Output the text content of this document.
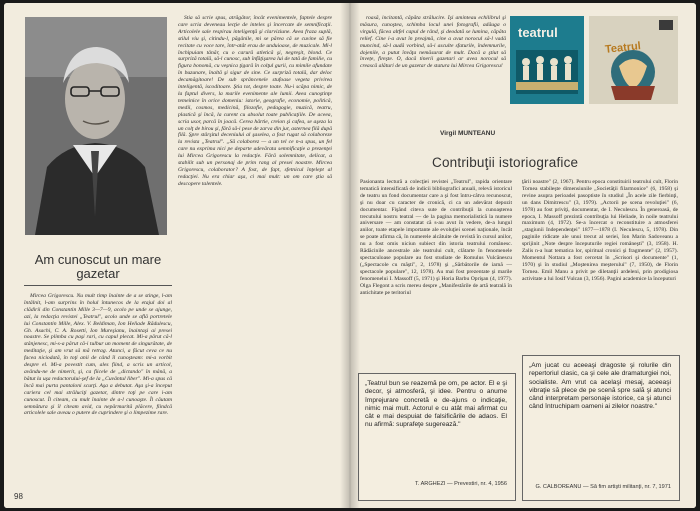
Am cunoscut un mare gazetar

Mircea Grigorescu. Nu mult timp înainte de a se stinge, l-am întâlnit, l-am surprins în holul întunecos de la etajul doi al clădirii din Constantin Mille 3—7—9, acolo pe unde se ajunge, azi, la redacţia revistei „Teatrul", acolo unde se află portretele lui Constantin Mille, Alex. V. Beldiman, Ion Heliade Rădulescu, Gh. Asachi, C. A. Rosetti, Ion Mureşianu, înaintaşi ai presei noastre. Se plimba cu paşi rari, cu capul plecat. Mi-a părut că-l stânjenesc, mi-s-a părut că-i tulbur un moment de singurătate, de meditaţie, şi am vrut să mă retrag. Atunci, a făcut ceva ce nu facea niciodată, în toţi anii de când îl cunoşteam: mi-a vorbit despre el. Mi-a povestit cum, ales fiind, a scris un articol, avându-ne de nimerit, şi, ca fiicele de „dictando" în mână, a bătut la uşa redactorului-şef de la „Cuvântul liber". Mi-a spus că încă mai purta pantaloni scurţi. Aşa a debutat. Aşa şi-a început cariera cel mai străluciţi gazetar, dintre toţi pe care i-am cunoscut. Îl citeam, cu mult înainte de a-l cunoaşte. Îl căutam semnătura şi îl citeam avid, cu nepărmurită plăcere, fiindcă articolele sale aveau o putere de cuprindere şi o limpezime rare.

Stia să scrie spus, atrăgător, încât evenimentele, faptele despre care scria deveneau lecţie de inteles şi încercate de semnificaţii. Articolele sale respirau inteligenţă şi clarviziune. Avea fraza suplă, stilul viu şi, citindu-l, păgânile, mi se părea că se cuvine să fie recitate cu voce tare, într-atât erau de unduioase, de muzicale. Mi-l închipuiam tânăr, cu o carură atletică şi, negreşit, blond. Ce surpriză totală, să-l cunosc, sub înfăţişarea lui de tată de familie, cu figura bonomă, cu veşnica ţigară în colţul gurii, cu mimile afundate în buzunare, înaltă şi sigur de sine. Ce surpriză totală, dar deloc decamăgitoare! De sub sprâncenele stufoase vegeta privirea inteligentă, iscoditoare. Ştia tot, despre toate. Nu-i scăpa nimic, de la faptul divers, la marile evenimente ale lumii. Avea cunoştinţe temeinice în orice domeniu: istorie, geografie, economie, politică, medii, cosmos, medicină, filozofie, pedagogie, muzică, teatru, plastică şi încă, la curent cu absolut toate publicaţiile. De aceea, scria usor, parcă în joacă. Cerea hârtie, creion şi cafea, se aşeza la un colţ de birou şi, fără să-i pese de zarva din jur, asternea filă după filă. Şpre stârşitul deceniului al şaselea, a fost rugat să colaboreze la revista „Teatrul". „Să colaborez — a un tel ce n-a spus, un fel care nu exprima nici pe departe adevărata semnificaţie a prezenţei lui Mircea Grigorescu la redacţie. Fără solemnitate, delicat, a stabilit sub un personaj de prim rang al presei noastre. Mircea Grigorescu, colaborator? A fost, de fapt, sfetnicul înţelept al redacţiei. Nu era chiar aşa, ci mai mult: un om care ştia să descopere talentele.

98

roasă, incitantă, căpăta strălucire. Îşi aminteau echilibrul şi măsura, cunoştea, schimba locul unei fotografii, adăuga o virgulă, făcea altfel capul de rând, şi deodată se lumina, căpăta relief. Cine i-a avut în preajmă, cine a avut norocul să-l vadă muncind, să-l audă vorbind, să-i asculte sfaturile, îndemnurile, dojenile, a putut învăţa nemăsurat de mult. Dacă a ştiut să învețe, fireşte. O, dacă tinerii gazetari ar avea norocul să crească alături de un gazetar de statura lui Mircea Grigorescu!

Virgil MUNTEANU
teatrul
Teatrul
Contribuţii istoriografice

Pasionanta lectură a colecţiei revistei „Teatrul", rapida orientare tematică intensificată de indicii bibliografici anuali, relevă istoricul de teatru un fond documentar care a şi fost întru-câtva recunoscut, şi nu doar cu caracter de cronică, ci ca un adevărat depozit documentar. Fişând citeva sute de contribuţii la cunoaşterea trecutului nostru teatral — de la pagina memorialistică la numere aniversare — am constatat că s-au avut în vedere, de-a lungul anilor, toate etapele importante ale evoluţiei scenei naţionale, încât se poate afirma că, în numerele alcătuite de revistă în cursul anilor, nu a fost omis niciun subiect din istoria teatrului românesc. Rădăcinile ancestrale ale teatrului cult, clătarte în fenomenele spectaculoase populare au fost studiate de Romulus Vulcănescu („Spectacole cu măşti", 2, 1978) şi „Sărbătorile de iarnă — spectacole populare", 12, 1978). Au mai fost prezentate şi marile fenomenelui I. Massoff (5, 1971) şi Horia Barbu Oprişan (4, 1977). Olga Flegont a scris mereu despre „Manifestările de artă teatrală în antichitate pe teritoriul

ţării noastre" (2, 1967). Pentru epoca constituirii teatrului cult, Florin Tornea stabileşte dimensiunile „Societăţii filarmonice" (6, 1958) şi revine asupra perioadei pasoptiste în studiul „În acele zile fierbinţi, un dans Dimitrescu" (3, 1979). „Actorii pe scena revoluţiei" (6, 1978) au fost priviţi, documentar, de I. Neculescu. În generoasă, de epoca, I. Massoff prezintă contribuţia lui Heliade, în noile teatrului maximum (4, 1972). Se-a încercat o reconstituire a atmosferei „stagiunii Independenţei" 1877—1878 (I. Neculescu, 5, 1978). Din paginile ridicate ale unui trecut al seriei, Ion Marin Sadoveanu a sprijinit „Note despre începuturile regiei româneşti" (3, 1958). H. Zalis n-a luat tematica lor, spiritual cronici şi fragmente" (2, 1957). Momentul Nottara a fost cercetat în „Scrisori şi documente" (1, 1970) şi în studiul „Moştenirea meşterului" (7, 1950), de Florin Tornea. Emil Manu a privit pe diletanţii ardeleni, prin prodigiosa activitate a lui Iosif Vulcan (3, 1956). Pagini academice la începuturi

„Teatrul bun se reazemă pe om, pe actor. El e şi decor, şi atmosferă, şi idee. Pentru o anume împrejurare concretă e de-ajuns o indicaţie, nimic mai mult. Actorul e cu atât mai afirmat cu cât e mai despuiat de falsificările de adaos. El nu afirmă: suprafeţe sugerează."
T. ARGHEZI — Prevestiri, nr. 4, 1956
„Am jucat cu aceeaşi dragoste şi rolurile din repertoriul clasic, ca şi cele ale dramaturgiei noi, socialiste. Am vrut ca acelaşi mesaj, aceeaşi vibraţie să plece de pe scenă spre sală şi atunci când interpretam personaje istorice, ca şi atunci când întruchipam oameni ai zilelor noastre."
G. CALBOREANU — Să fim artişti militanţi, nr. 7, 1971
